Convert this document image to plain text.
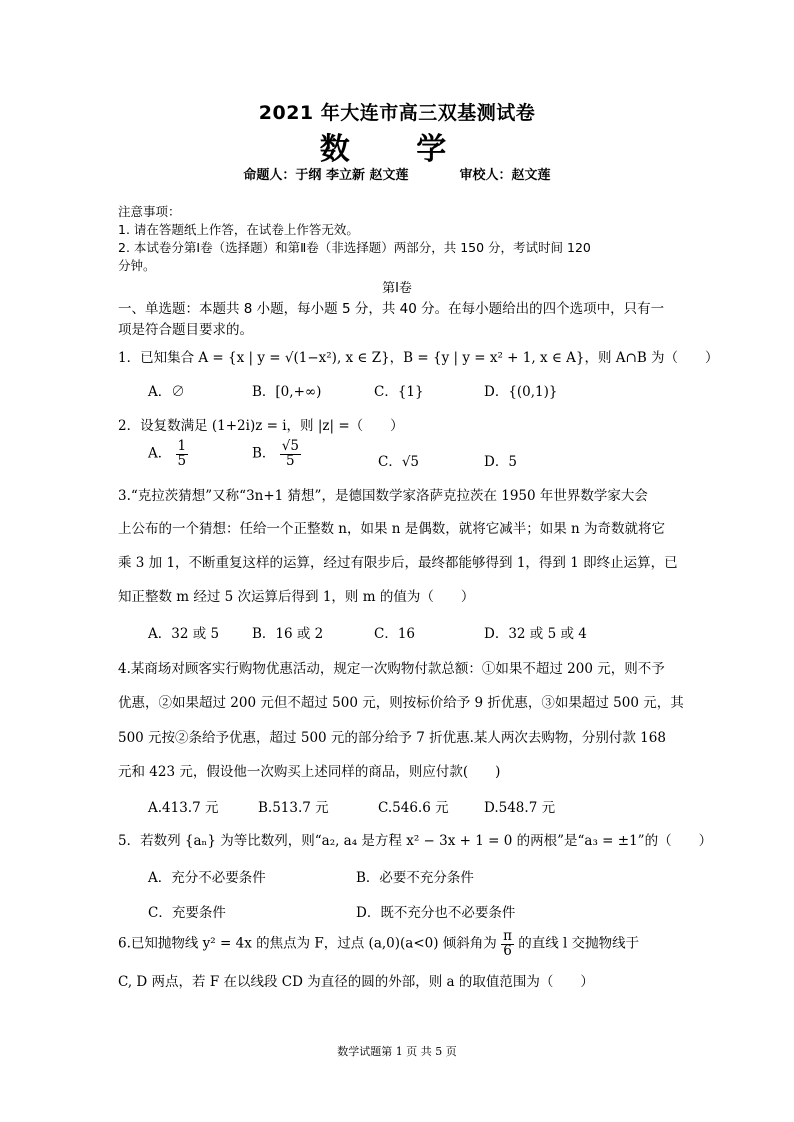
2021 年大连市高三双基测试卷
数 学
命题人：于纲 李立新 赵文莲	审校人：赵文莲
注意事项：
1. 请在答题纸上作答，在试卷上作答无效。
2. 本试卷分第Ⅰ卷（选择题）和第Ⅱ卷（非选择题）两部分，共 150 分，考试时间 120
分钟。
第Ⅰ卷
一、单选题：本题共 8 小题，每小题 5 分，共 40 分。在每小题给出的四个选项中，只有一
项是符合题目要求的。
1．已知集合 A = {x | y = √(1−x²), x ∈ Z}，B = {y | y = x² + 1, x ∈ A}，则 A∩B 为（　　）
A．∅	B．[0,+∞)	C．{1}	D．{(0,1)}
2．设复数满足 (1+2i)z = i，则 |z| =（　　）
A． $\frac{1}{5}$	B． $\frac{√5}{5}$	C．√5	D．5
3.“克拉茨猜想”又称“3n+1 猜想”，是德国数学家洛萨克拉茨在 1950 年世界数学家大会
上公布的一个猜想：任给一个正整数 n，如果 n 是偶数，就将它减半；如果 n 为奇数就将它
乘 3 加 1，不断重复这样的运算，经过有限步后，最终都能够得到 1，得到 1 即终止运算，已
知正整数 m 经过 5 次运算后得到 1，则 m 的值为（　　）
A．32 或 5 B．16 或 2	C．16	D．32 或 5 或 4
4.某商场对顾客实行购物优惠活动，规定一次购物付款总额：①如果不超过 200 元，则不予
优惠，②如果超过 200 元但不超过 500 元，则按标价给予 9 折优惠，③如果超过 500 元，其
500 元按②条给予优惠，超过 500 元的部分给予 7 折优惠.某人两次去购物，分别付款 168
元和 423 元，假设他一次购买上述同样的商品，则应付款(　　)
A.413.7 元	B.513.7 元	C.546.6 元	D.548.7 元
5．若数列 {aₙ} 为等比数列，则“a₂, a₄ 是方程 x² − 3x + 1 = 0 的两根”是“a₃ = ±1”的（　　）
A．充分不必要条件	B．必要不充分条件
C．充要条件	D．既不充分也不必要条件
6.已知抛物线 y² = 4x 的焦点为 F，过点 (a,0)(a<0) 倾斜角为 $\frac{\pi}{6}$ 的直线 l 交抛物线于
C, D 两点，若 F 在以线段 CD 为直径的圆的外部，则 a 的取值范围为（　　）
数学试题第 1 页 共 5 页
